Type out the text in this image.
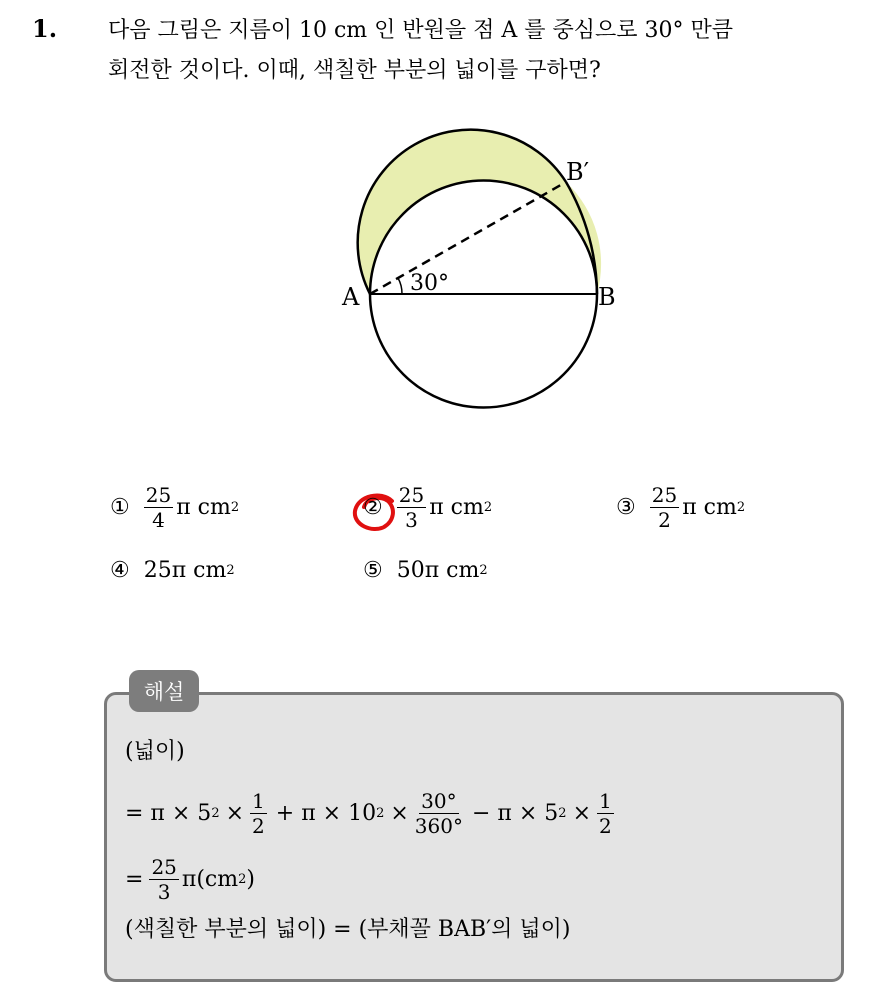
1. 다음 그림은 지름이 10 cm 인 반원을 점 A 를 중심으로 30° 만큼
회전한 것이다. 이때, 색칠한 부분의 넓이를 구하면?
30°
A	B
B′
① $\frac{25}{4}$ π cm 2	② $\frac{25}{3}$ π cm 2	③ $\frac{25}{2}$ π cm 2
④ 25π cm 2	⑤ 50π cm 2
해설
(넓이)
= π × 5 $2 \times \frac{1}{2} + \pi \times 10$ $2 \times \frac{30^\circ}{360^\circ} - \pi \times 5$ $2 \times \frac{1}{2}$
= $\frac{25}{3} \pi(cm$ 2 )
(색칠한 부분의 넓이) = (부채꼴 BAB′의 넓이)
